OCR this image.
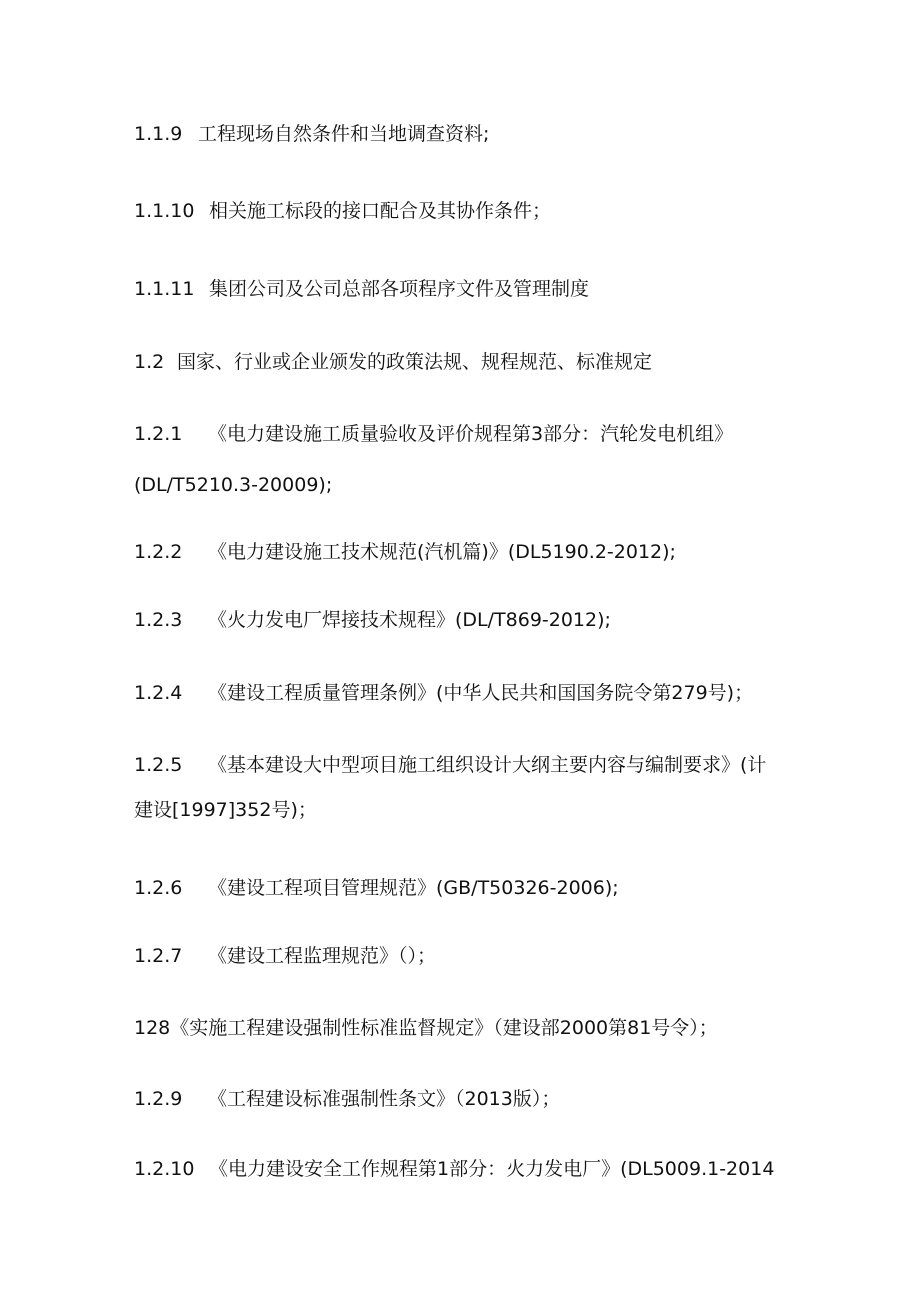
1.1.9 工程现场自然条件和当地调查资料;
1.1.10 相关施工标段的接口配合及其协作条件；
1.1.11 集团公司及公司总部各项程序文件及管理制度
1.2 国家、行业或企业颁发的政策法规、规程规范、标准规定
1.2.1 《电力建设施工质量验收及评价规程第3部分：汽轮发电机组》
(DL/T5210.3-20009);
1.2.2 《电力建设施工技术规范(汽机篇)》(DL5190.2-2012);
1.2.3 《火力发电厂焊接技术规程》(DL/T869-2012);
1.2.4 《建设工程质量管理条例》(中华人民共和国国务院令第279号)；
1.2.5 《基本建设大中型项目施工组织设计大纲主要内容与编制要求》(计
建设[1997]352号)；
1.2.6 《建设工程项目管理规范》(GB/T50326-2006);
1.2.7 《建设工程监理规范》（）；
128《实施工程建设强制性标准监督规定》（建设部2000第81号令）；
1.2.9 《工程建设标准强制性条文》（2013版）；
1.2.10 《电力建设安全工作规程第1部分：火力发电厂》(DL5009.1-2014
